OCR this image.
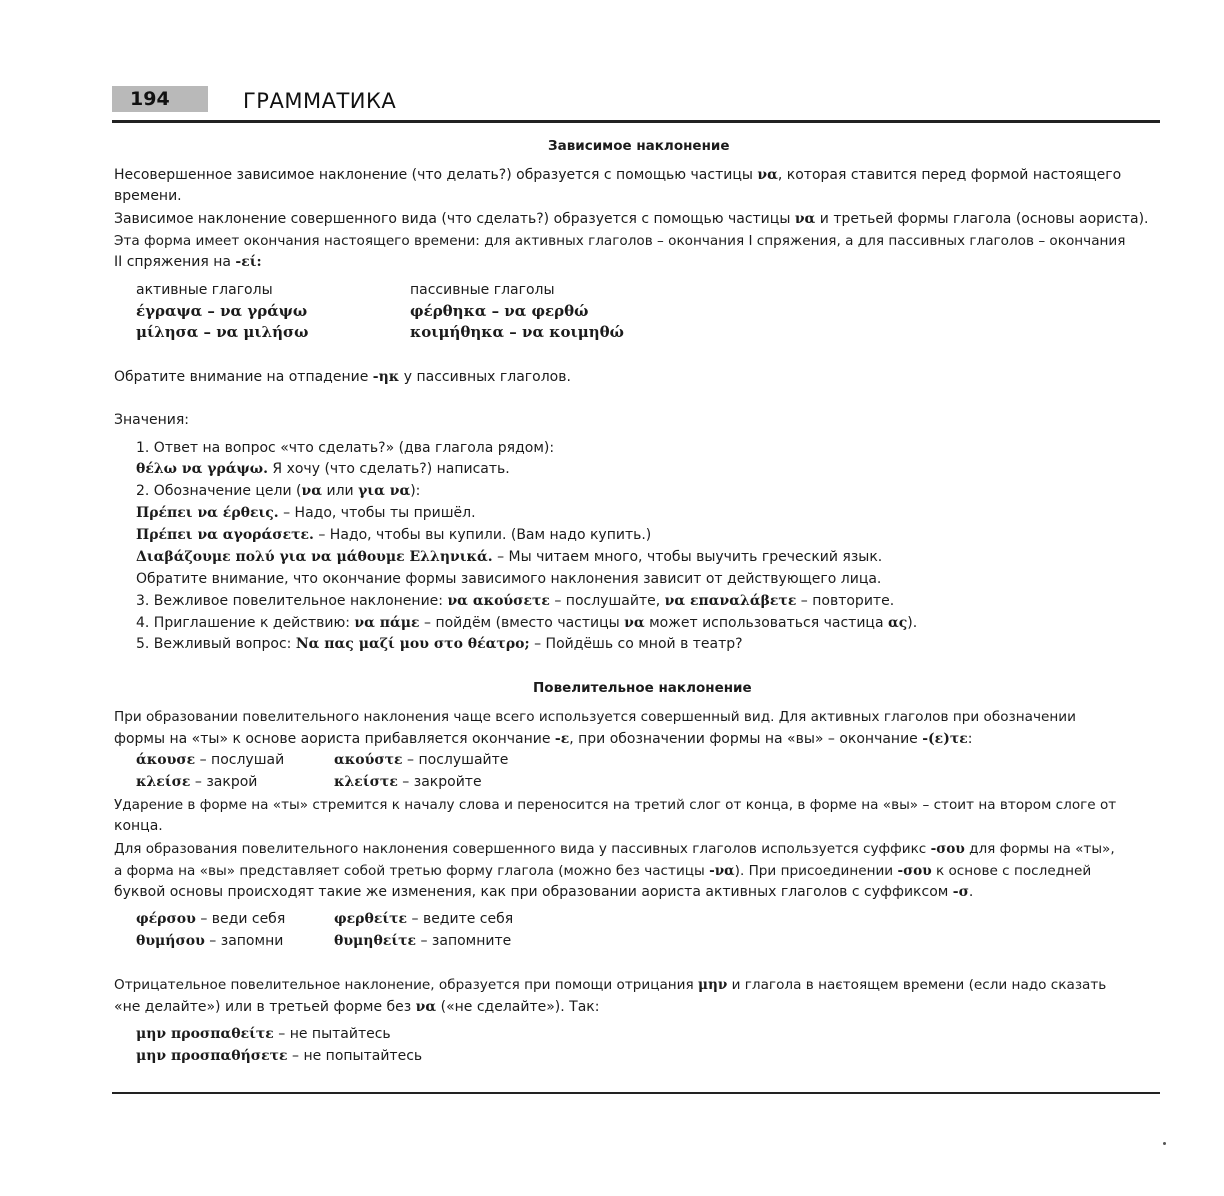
194	ГРАММАТИКА
Зависимое наклонение
Несовершенное зависимое наклонение (что делать?) образуется с помощью частицы να, которая ставится перед формой настоящего
времени.
Зависимое наклонение совершенного вида (что сделать?) образуется с помощью частицы να и третьей формы глагола (основы аориста).
Эта форма имеет окончания настоящего времени: для активных глаголов – окончания I спряжения, а для пассивных глаголов – окончания
II спряжения на -εί:
активные глаголы	пассивные глаголы
έγραψα – να γράψω	φέρθηκα – να φερθώ
μίλησα – να μιλήσω	κοιμήθηκα – να κοιμηθώ
Обратите внимание на отпадение -ηκ у пассивных глаголов.
Значения:
1. Ответ на вопрос «что сделать?» (два глагола рядом):
θέλω να γράψω. Я хочу (что сделать?) написать.
2. Обозначение цели (να или για να):
Πρέπει να έρθεις. – Надо, чтобы ты пришёл.
Πρέπει να αγοράσετε. – Надо, чтобы вы купили. (Вам надо купить.)
Διαβάζουμε πολύ για να μάθουμε Ελληνικά. – Мы читаем много, чтобы выучить греческий язык.
Обратите внимание, что окончание формы зависимого наклонения зависит от действующего лица.
3. Вежливое повелительное наклонение: να ακούσετε – послушайте, να επαναλάβετε – повторите.
4. Приглашение к действию: να πάμε – пойдём (вместо частицы να может использоваться частица ας).
5. Вежливый вопрос: Να πας μαζί μου στο θέατρο; – Пойдёшь со мной в театр?
Повелительное наклонение
При образовании повелительного наклонения чаще всего используется совершенный вид. Для активных глаголов при обозначении
формы на «ты» к основе аориста прибавляется окончание -ε, при обозначении формы на «вы» – окончание -(ε)τε:
άκουσε – послушай	ακούστε – послушайте
κλείσε – закрой	κλείστε – закройте
Ударение в форме на «ты» стремится к началу слова и переносится на третий слог от конца, в форме на «вы» – стоит на втором слоге от
конца.
Для образования повелительного наклонения совершенного вида у пассивных глаголов используется суффикс -σου для формы на «ты»,
а форма на «вы» представляет собой третью форму глагола (можно без частицы -να). При присоединении -σου к основе с последней
буквой основы происходят такие же изменения, как при образовании аориста активных глаголов с суффиксом -σ.
φέρσου – веди себя	φερθείτε – ведите себя
θυμήσου – запомни	θυμηθείτε – запомните
Отрицательное повелительное наклонение, образуется при помощи отрицания μην и глагола в наєтоящем времени (если надо сказать
«не делайте») или в третьей форме без να («не сделайте»). Так:
μην προσπαθείτε – не пытайтесь
μην προσπαθήσετε – не попытайтесь
